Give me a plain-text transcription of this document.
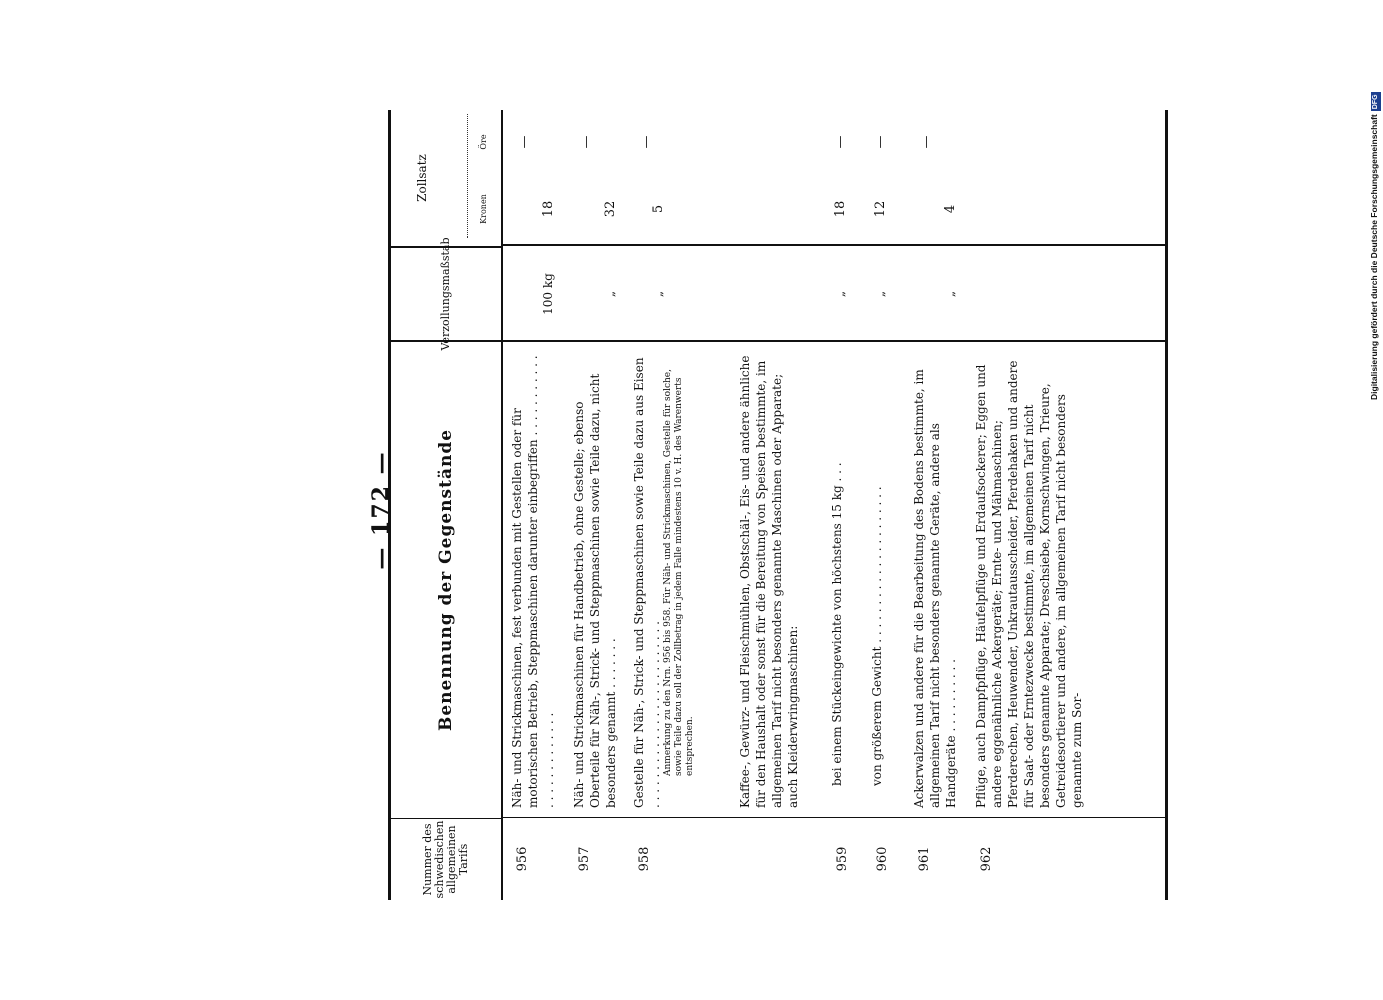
— 172 —
Nummer des schwedischen allgemeinen Tarifs
Benennung der Gegenstände
Verzollungsmaßstab
Zollsatz
Kronen
Öre
956
Näh- und Strickmaschinen, fest verbunden mit Gestellen oder für motorischen Betrieb, Steppmaschinen darunter einbegriffen . . . . . . . . . . . . . . . . . . . . . . . .
100 kg
18
—
957
Näh- und Strickmaschinen für Handbetrieb, ohne Gestelle; ebenso Oberteile für Näh-, Strick- und Steppmaschinen sowie Teile dazu, nicht besonders genannt . . . . . . .
„
32
—
958
Gestelle für Näh-, Strick- und Steppmaschinen sowie Teile dazu aus Eisen . . . . . . . . . . . . . . . . . . . . . . . . . Anmerkung zu den Nrn. 956 bis 958. Für Näh- und Strickmaschinen, Gestelle für solche, sowie Teile dazu soll der Zollbetrag in jedem Falle mindestens 10 v. H. des Warenwerts entsprechen.
„
5
—
Kaffee-, Gewürz- und Fleischmühlen, Obstschäl-, Eis- und andere ähnliche für den Haushalt oder sonst für die Bereitung von Speisen bestimmte, im allgemeinen Tarif nicht besonders genannte Maschinen oder Apparate; auch Kleiderwringmaschinen:
959
bei einem Stückeingewichte von höchstens 15 kg . . .
„
18
—
960
von größerem Gewicht . . . . . . . . . . . . . . . . . . . . .
„
12
—
961
Ackerwalzen und andere für die Bearbeitung des Bodens bestimmte, im allgemeinen Tarif nicht besonders genannte Geräte, andere als Handgeräte . . . . . . . . . .
„
4
—
962
Pflüge, auch Dampfpflüge, Häufelpflüge und Erdaufsockerer; Eggen und andere eggenähnliche Ackergeräte; Ernte- und Mähmaschinen; Pferderechen, Heuwender, Unkrautausscheider, Pferdehaken und andere für Saat- oder Erntezwecke bestimmte, im allgemeinen Tarif nicht besonders genannte Apparate; Dreschsiebe, Kornschwingen, Trieure, Getreidesortierer und andere, im allgemeinen Tarif nicht besonders genannte zum Sor-
Digitalisierung gefördert durch die Deutsche ForschungsgemeinschaftDFG
